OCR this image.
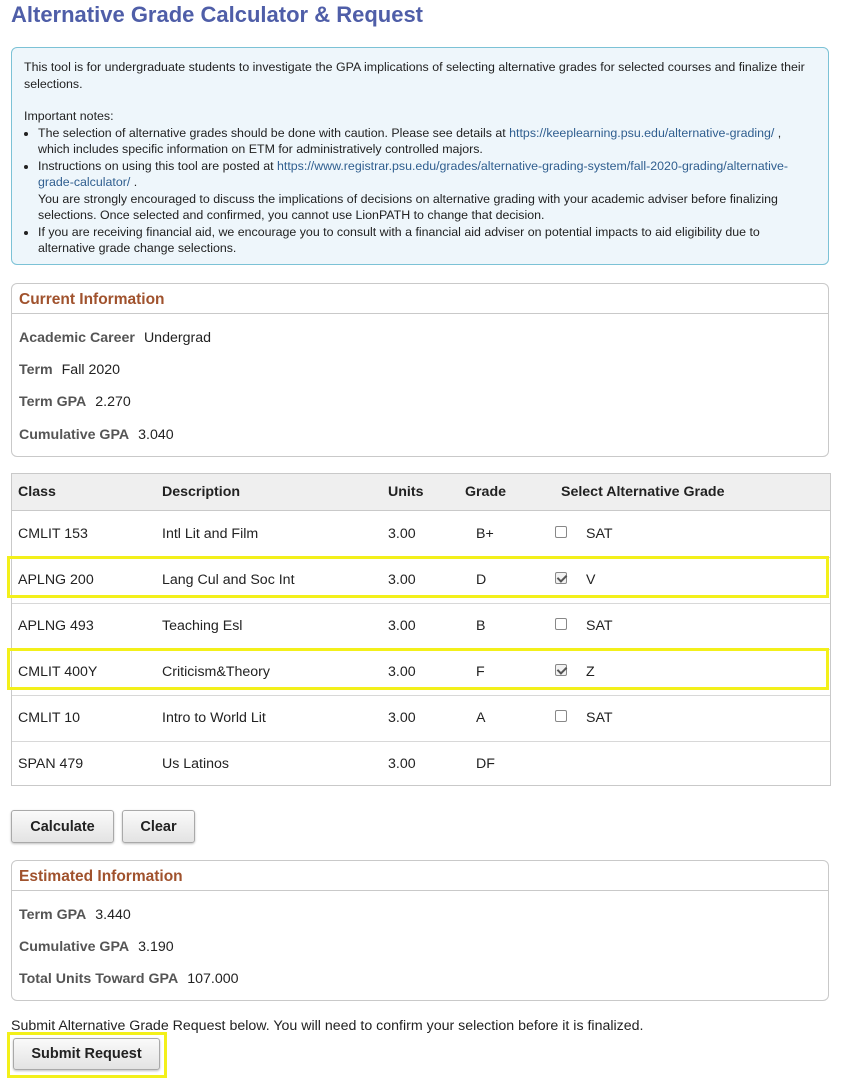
Alternative Grade Calculator & Request

This tool is for undergraduate students to investigate the GPA implications of selecting alternative grades for selected courses and finalize their selections.

Important notes:

• The selection of alternative grades should be done with caution. Please see details at https://keeplearning.psu.edu/alternative-grading/ , which includes specific information on ETM for administratively controlled majors.
• Instructions on using this tool are posted at https://www.registrar.psu.edu/grades/alternative-grading-system/fall-2020-grading/alternative-grade-calculator/ .
You are strongly encouraged to discuss the implications of decisions on alternative grading with your academic adviser before finalizing selections. Once selected and confirmed, you cannot use LionPATH to change that decision.
• If you are receiving financial aid, we encourage you to consult with a financial aid adviser on potential impacts to aid eligibility due to alternative grade change selections.
Current Information
Academic Career Undergrad
Term Fall 2020
Term GPA 2.270
Cumulative GPA 3.040
Class	Description	Units	Grade	Select Alternative Grade
CMLIT 153	Intl Lit and Film	3.00	B+	SAT
APLNG 200	Lang Cul and Soc Int	3.00	D	V
APLNG 493	Teaching Esl	3.00	B	SAT
CMLIT 400Y	Criticism&Theory	3.00	F	Z
CMLIT 10	Intro to World Lit	3.00	A	SAT
SPAN 479	Us Latinos	3.00	DF
Calculate	Clear
Estimated Information
Term GPA 3.440
Cumulative GPA 3.190
Total Units Toward GPA 107.000
Submit Alternative Grade Request below. You will need to confirm your selection before it is finalized.
Submit Request
